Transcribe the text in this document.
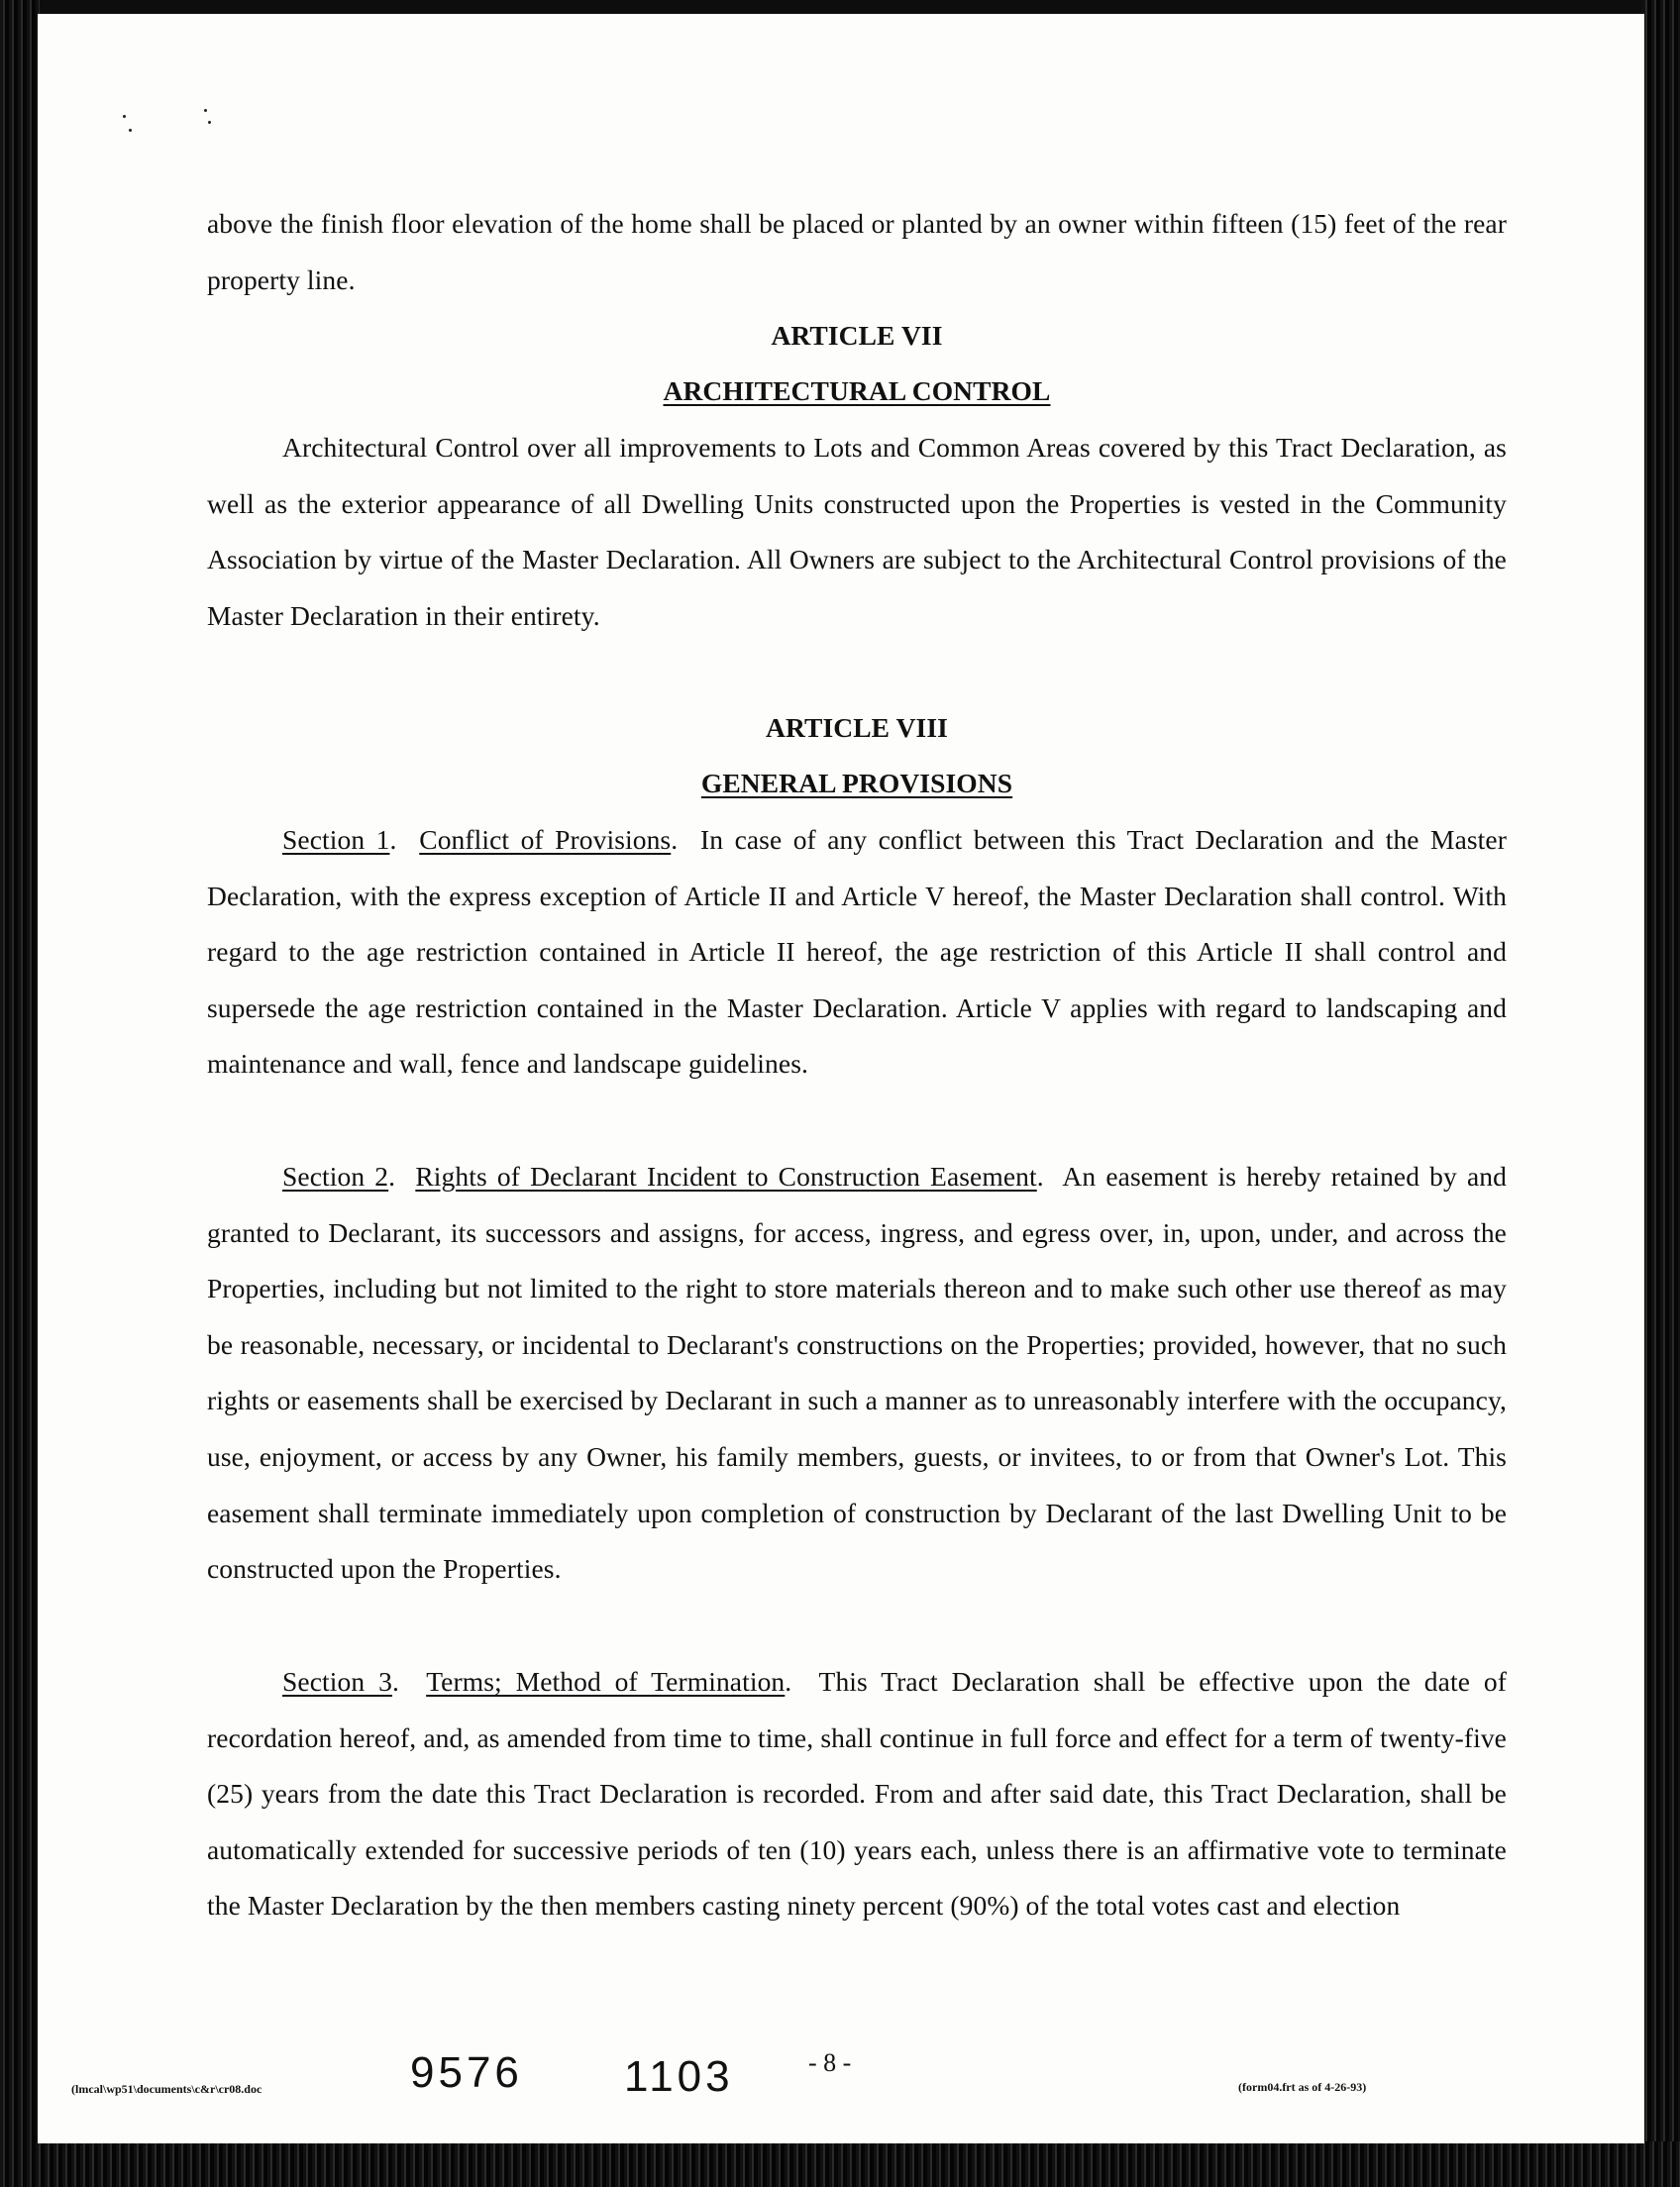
above the finish floor elevation of the home shall be placed or planted by an owner within fifteen (15) feet of the rear property line.
ARTICLE VII
ARCHITECTURAL CONTROL
Architectural Control over all improvements to Lots and Common Areas covered by this Tract Declaration, as well as the exterior appearance of all Dwelling Units constructed upon the Properties is vested in the Community Association by virtue of the Master Declaration. All Owners are subject to the Architectural Control provisions of the Master Declaration in their entirety.
ARTICLE VIII
GENERAL PROVISIONS
Section 1.  Conflict of Provisions.  In case of any conflict between this Tract Declaration and the Master Declaration, with the express exception of Article II and Article V hereof, the Master Declaration shall control. With regard to the age restriction contained in Article II hereof, the age restriction of this Article II shall control and supersede the age restriction contained in the Master Declaration. Article V applies with regard to landscaping and maintenance and wall, fence and landscape guidelines.
Section 2.  Rights of Declarant Incident to Construction Easement.  An easement is hereby retained by and granted to Declarant, its successors and assigns, for access, ingress, and egress over, in, upon, under, and across the Properties, including but not limited to the right to store materials thereon and to make such other use thereof as may be reasonable, necessary, or incidental to Declarant's constructions on the Properties; provided, however, that no such rights or easements shall be exercised by Declarant in such a manner as to unreasonably interfere with the occupancy, use, enjoyment, or access by any Owner, his family members, guests, or invitees, to or from that Owner's Lot. This easement shall terminate immediately upon completion of construction by Declarant of the last Dwelling Unit to be constructed upon the Properties.
Section 3.  Terms; Method of Termination.  This Tract Declaration shall be effective upon the date of recordation hereof, and, as amended from time to time, shall continue in full force and effect for a term of twenty-five (25) years from the date this Tract Declaration is recorded. From and after said date, this Tract Declaration, shall be automatically extended for successive periods of ten (10) years each, unless there is an affirmative vote to terminate the Master Declaration by the then members casting ninety percent (90%) of the total votes cast and election
(lmcal\wp51\documents\c&r\cr08.doc	9576 1103	- 8 -
(form04.frt as of 4-26-93)
